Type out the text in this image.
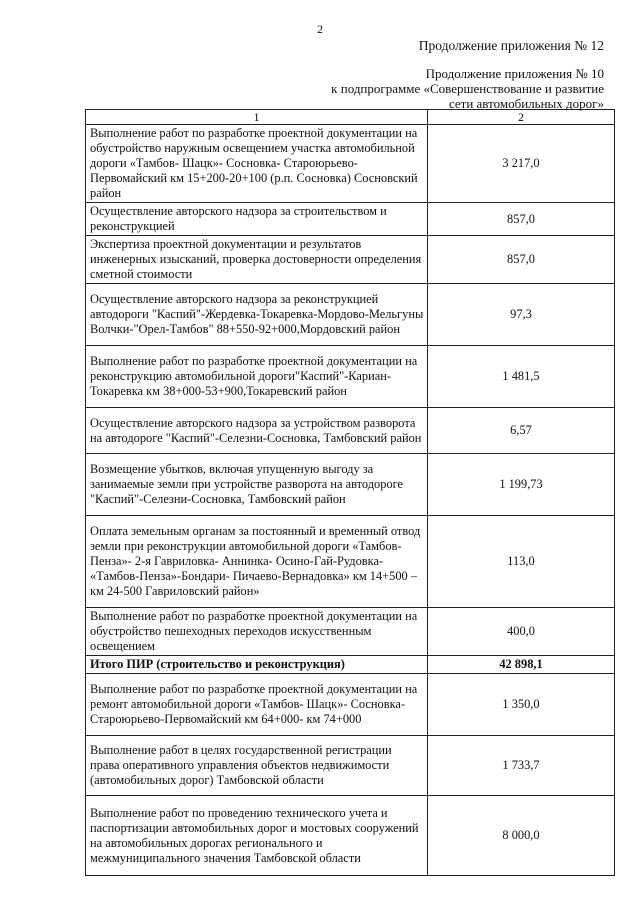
2
Продолжение приложения № 12
Продолжение приложения № 10
к подпрограмме «Совершенствование и развитие
сети автомобильных дорог»
1	2
Выполнение работ по разработке проектной документации на обустройство наружным освещением участка автомобильной дороги «Тамбов- Шацк»- Сосновка- Староюрьево- Первомайский км 15+200-20+100 (р.п. Сосновка) Сосновский район	3 217,0
Осуществление авторского надзора за строительством и реконструкцией	857,0
Экспертиза проектной документации и результатов инженерных изысканий, проверка достоверности определения сметной стоимости	857,0
Осуществление авторского надзора за реконструкцией автодороги "Каспий"-Жердевка-Токаревка-Мордово-Мельгуны Волчки-"Орел-Тамбов" 88+550-92+000,Мордовский район	97,3
Выполнение работ по разработке проектной документации на реконструкцию автомобильной дороги"Каспий"-Кариан-Токаревка км 38+000-53+900,Токаревский район	1 481,5
Осуществление авторского надзора за устройством разворота на автодороге "Каспий"-Селезни-Сосновка, Тамбовский район	6,57
Возмещение убытков, включая упущенную выгоду за занимаемые земли при устройстве разворота на автодороге "Каспий"-Селезни-Сосновка, Тамбовский район	1 199,73
Оплата земельным органам за постоянный и временный отвод земли при реконструкции автомобильной дороги «Тамбов-Пенза»- 2-я Гавриловка- Аннинка- Осино-Гай-Рудовка- «Тамбов-Пенза»-Бондари- Пичаево-Вернадовка» км 14+500 – км 24-500 Гавриловский район»	113,0
Выполнение работ по разработке проектной документации на обустройство пешеходных переходов искусственным освещением	400,0
Итого ПИР (строительство и реконструкция)	42 898,1
Выполнение работ по разработке проектной документации на ремонт автомобильной дороги «Тамбов- Шацк»- Сосновка- Староюрьево-Первомайский км 64+000- км 74+000	1 350,0
Выполнение работ в целях государственной регистрации права оперативного управления объектов недвижимости (автомобильных дорог) Тамбовской области	1 733,7
Выполнение работ по проведению технического учета и паспортизации автомобильных дорог и мостовых сооружений на автомобильных дорогах регионального и межмуниципального значения Тамбовской области	8 000,0
